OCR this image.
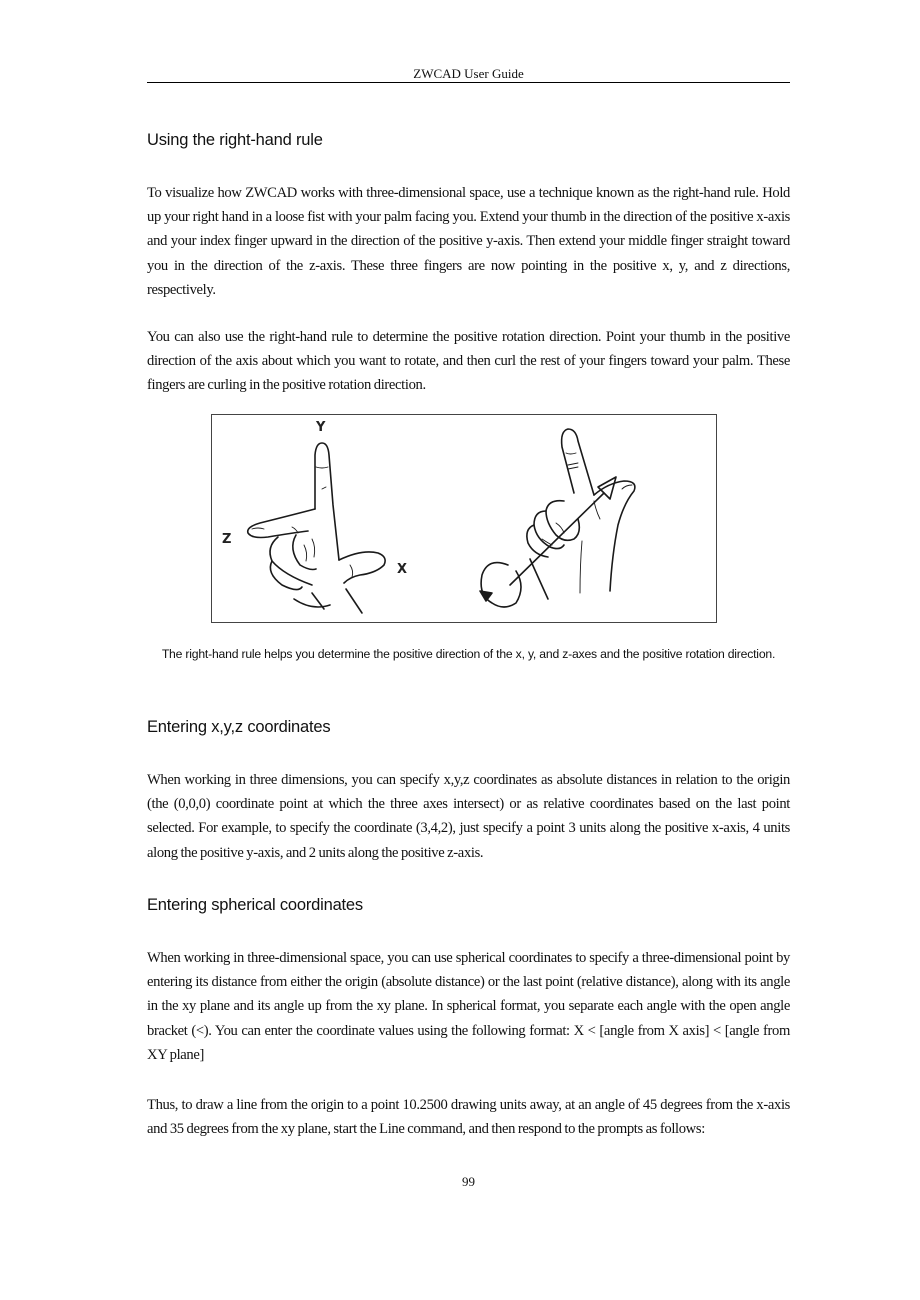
ZWCAD User Guide
Using the right-hand rule
To visualize how ZWCAD works with three-dimensional space, use a technique known as the right-hand rule. Hold up your right hand in a loose fist with your palm facing you. Extend your thumb in the direction of the positive x-axis and your index finger upward in the direction of the positive y-axis. Then extend your middle finger straight toward you in the direction of the z-axis. These three fingers are now pointing in the positive x, y, and z directions, respectively.
You can also use the right-hand rule to determine the positive rotation direction. Point your thumb in the positive direction of the axis about which you want to rotate, and then curl the rest of your fingers toward your palm. These fingers are curling in the positive rotation direction.
Y
Z
X
The right-hand rule helps you determine the positive direction of the x, y, and z-axes and the positive rotation direction.
Entering x,y,z coordinates
When working in three dimensions, you can specify x,y,z coordinates as absolute distances in relation to the origin (the (0,0,0) coordinate point at which the three axes intersect) or as relative coordinates based on the last point selected. For example, to specify the coordinate (3,4,2), just specify a point 3 units along the positive x-axis, 4 units along the positive y-axis, and 2 units along the positive z-axis.
Entering spherical coordinates
When working in three-dimensional space, you can use spherical coordinates to specify a three-dimensional point by entering its distance from either the origin (absolute distance) or the last point (relative distance), along with its angle in the xy plane and its angle up from the xy plane. In spherical format, you separate each angle with the open angle bracket (<). You can enter the coordinate values using the following format: X < [angle from X axis] < [angle from XY plane]
Thus, to draw a line from the origin to a point 10.2500 drawing units away, at an angle of 45 degrees from the x-axis and 35 degrees from the xy plane, start the Line command, and then respond to the prompts as follows:
99
